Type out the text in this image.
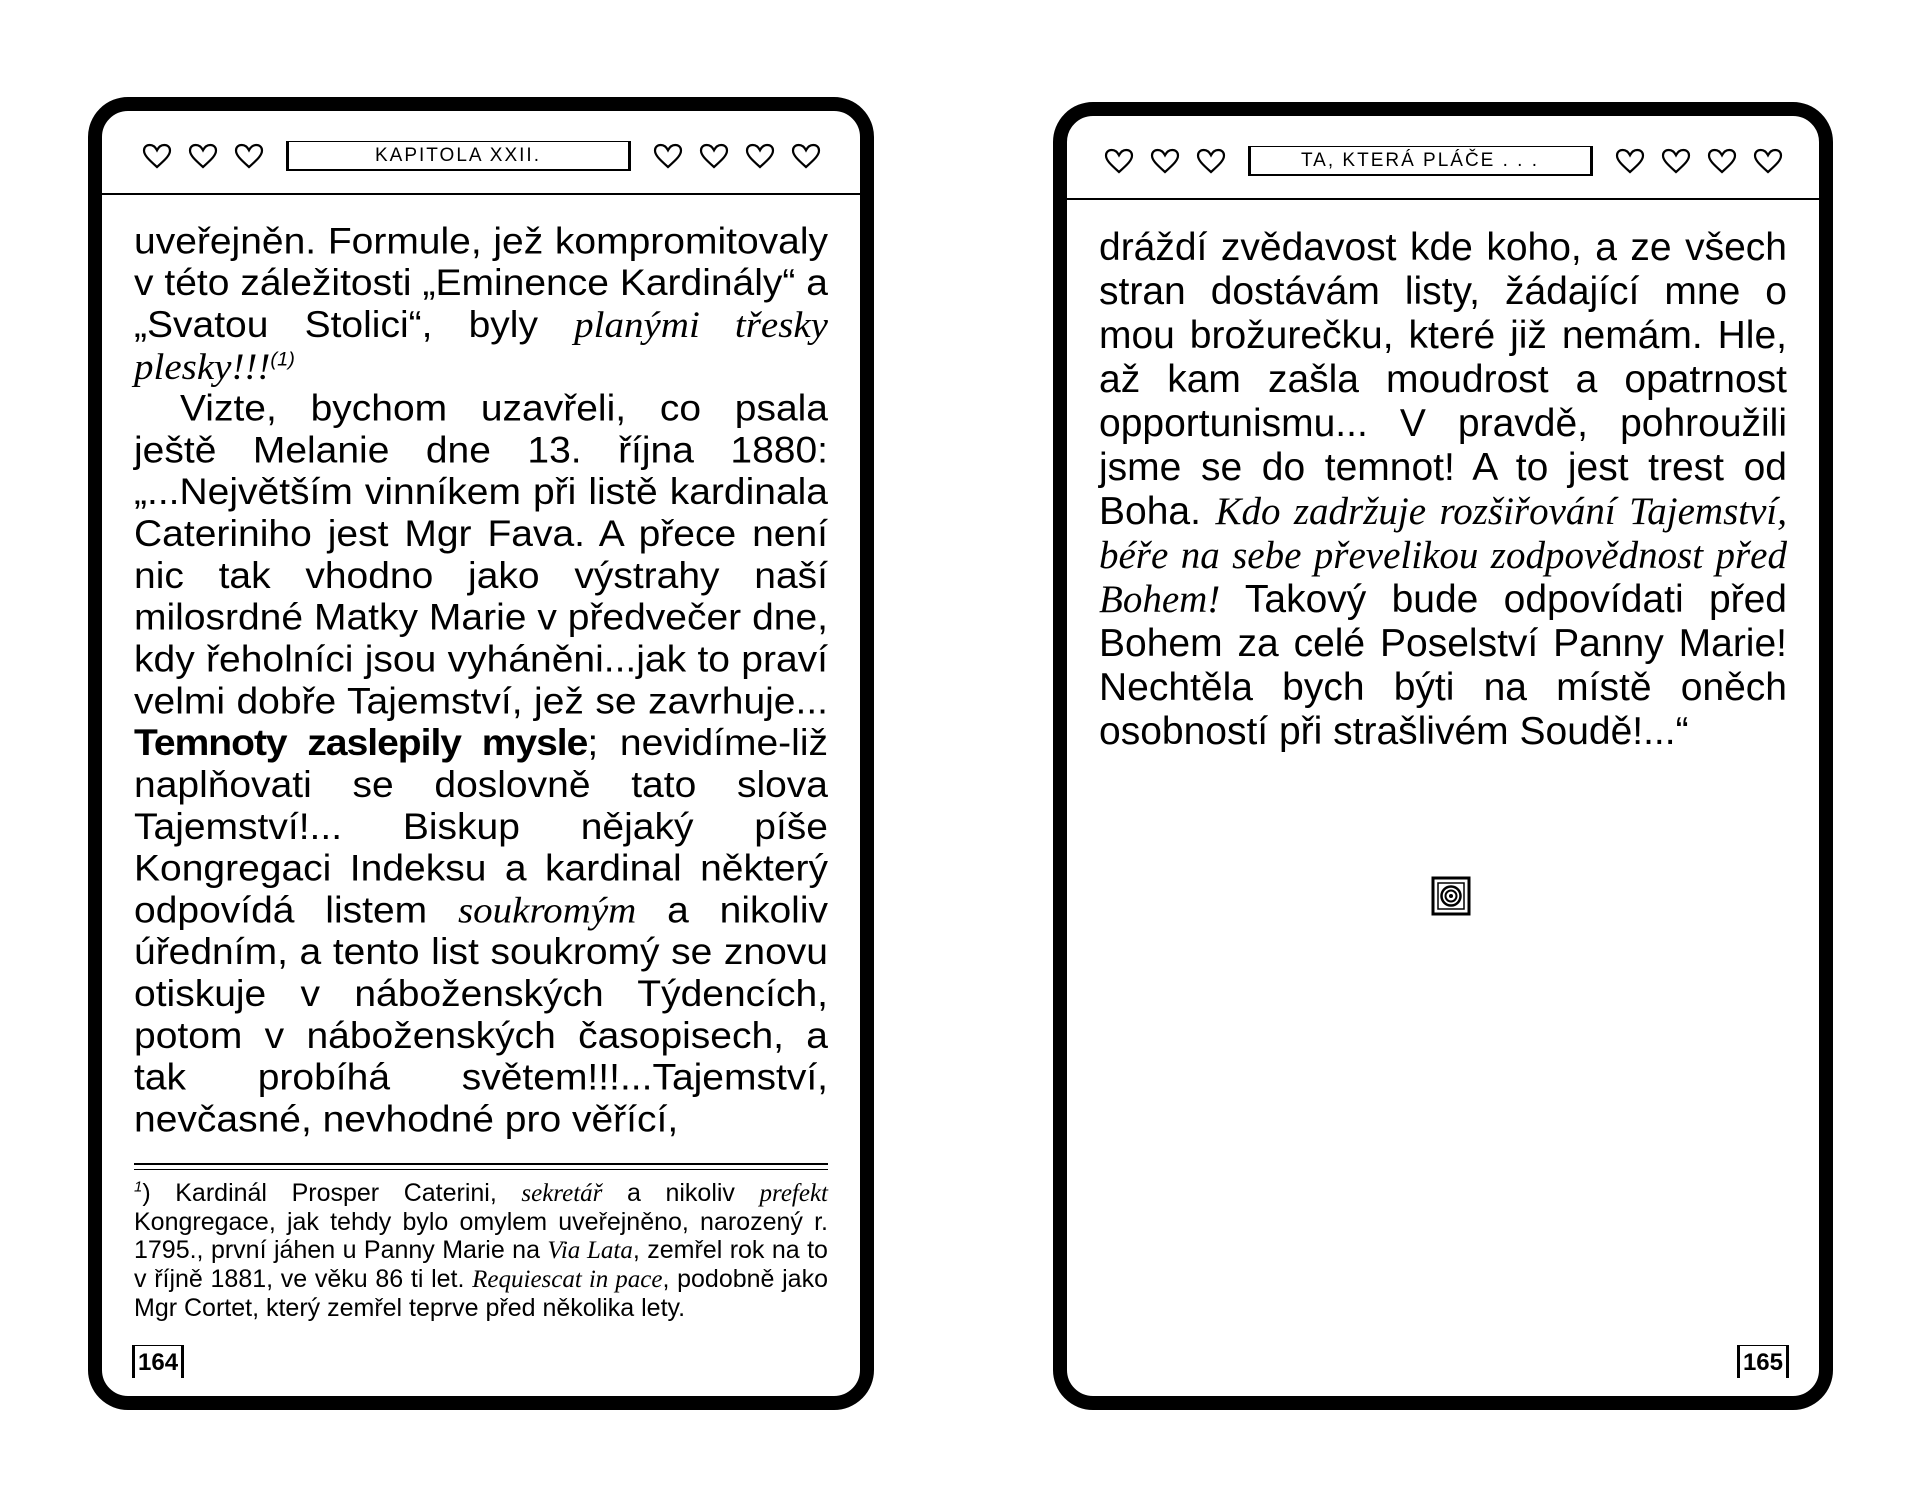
KAPITOLA XXII.

uveřejněn. Formule, jež kompromitovaly v této záležitosti „Eminence Kardinály“ a „Svatou Stolici“, byly planými třesky plesky!!!$^{(1)}$

Vizte, bychom uzavřeli, co psala ještě Melanie dne 13. října 1880: „...Největším vinníkem při listě kardinala Cateriniho jest Mgr Fava. A přece není nic tak vhodno jako výstrahy naší milosrdné Matky Marie v předvečer dne, kdy řeholníci jsou vyháněni...jak to praví velmi dobře Tajemství, jež se zavrhuje... Temnoty zaslepily mysle; nevidíme-liž naplňovati se doslovně tato slova Tajemství!... Biskup nějaký píše Kongregaci Indeksu a kardinal některý odpovídá listem soukromým a nikoliv úředním, a tento list soukromý se znovu otiskuje v náboženských Týdencích, potom v náboženských časopisech, a tak probíhá světem!!!...Tajemství, nevčasné, nevhodné pro věřící,

$^1$) Kardinál Prosper Caterini, sekretář a nikoliv prefekt Kongregace, jak tehdy bylo omylem uveřejněno, narozený r. 1795., první jáhen u Panny Marie na Via Lata, zemřel rok na to v říjně 1881, ve věku 86 ti let. Requiescat in pace, podobně jako Mgr Cortet, který zemřel teprve před několika lety.
164
TA, KTERÁ PLÁČE . . .

dráždí zvědavost kde koho, a ze všech stran dostávám listy, žádající mne o mou brožurečku, které již nemám. Hle, až kam zašla moudrost a opatrnost opportunismu... V pravdě, pohroužili jsme se do temnot! A to jest trest od Boha. Kdo zadržuje rozšiřování Tajemství, béře na sebe převelikou zodpovědnost před Bohem! Takový bude odpovídati před Bohem za celé Poselství Panny Marie! Nechtěla bych býti na místě oněch osobností při strašlivém Soudě!...“

165
